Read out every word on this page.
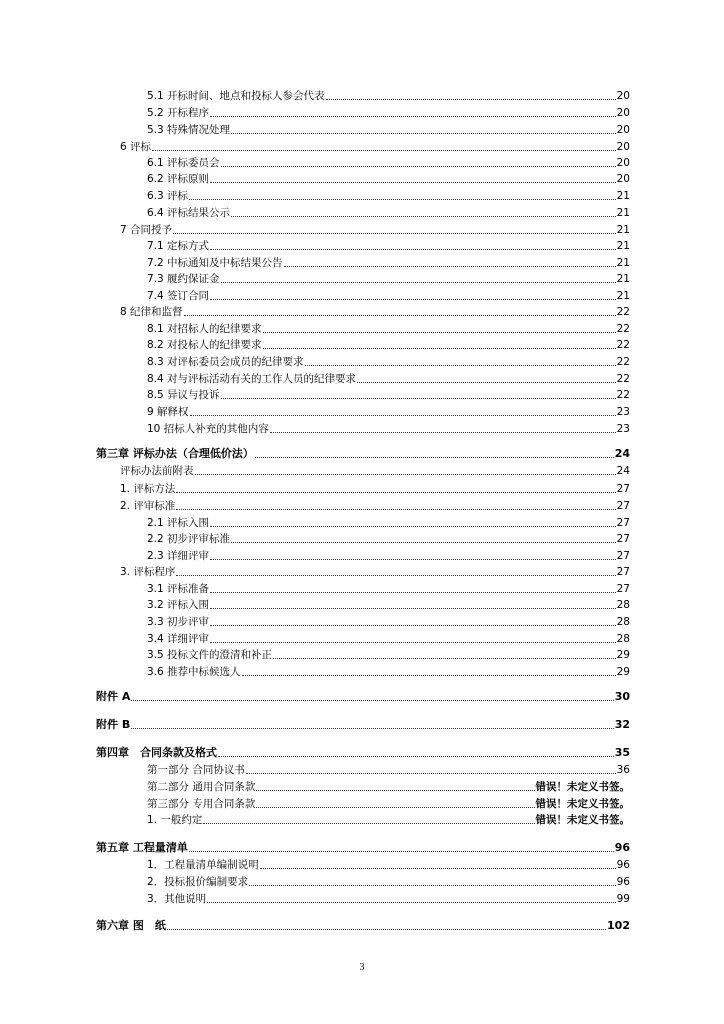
5.1 开标时间、地点和投标人参会代表	20
5.2 开标程序	20
5.3 特殊情况处理	20
6 评标	20
6.1 评标委员会	20
6.2 评标原则	20
6.3 评标	21
6.4 评标结果公示	21
7 合同授予	21
7.1 定标方式	21
7.2 中标通知及中标结果公告	21
7.3 履约保证金	21
7.4 签订合同	21
8 纪律和监督	22
8.1 对招标人的纪律要求	22
8.2 对投标人的纪律要求	22
8.3 对评标委员会成员的纪律要求	22
8.4 对与评标活动有关的工作人员的纪律要求	22
8.5 异议与投诉	22
9 解释权	23
10 招标人补充的其他内容	23
第三章 评标办法（合理低价法）	24
评标办法前附表	24
1. 评标方法	27
2. 评审标准	27
2.1 评标入围	27
2.2 初步评审标准	27
2.3 详细评审	27
3. 评标程序	27
3.1 评标准备	27
3.2 评标入围	28
3.3 初步评审	28
3.4 详细评审	28
3.5 投标文件的澄清和补正	29
3.6 推荐中标候选人	29
附件 A	30
附件 B	32
第四章　合同条款及格式	35
第一部分 合同协议书	36
第二部分 通用合同条款	错误！未定义书签。
第三部分 专用合同条款	错误！未定义书签。
1. 一般约定	错误！未定义书签。
第五章 工程量清单	96
1．工程量清单编制说明	96
2．投标报价编制要求	96
3．其他说明	99
第六章 图　纸	102
3
